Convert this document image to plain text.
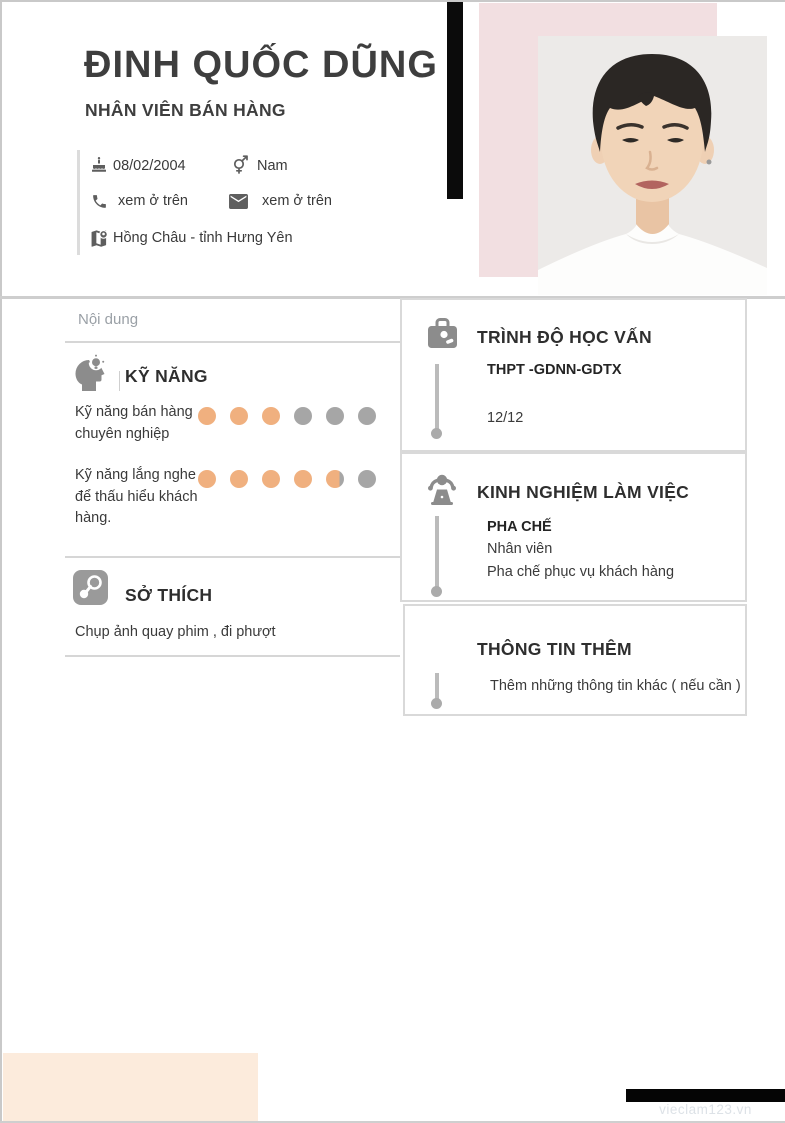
ĐINH QUỐC DŨNG
NHÂN VIÊN BÁN HÀNG
08/02/2004	Nam
xem ở trên	xem ở trên
Hồng Châu - tỉnh Hưng Yên
Nội dung
KỸ NĂNG
Kỹ năng bán hàng chuyên nghiệp
Kỹ năng lắng nghe để thấu hiểu khách hàng.
SỞ THÍCH
Chụp ảnh quay phim , đi phượt
TRÌNH ĐỘ HỌC VẤN
THPT -GDNN-GDTX
12/12
KINH NGHIỆM LÀM VIỆC
PHA CHẾ
Nhân viên
Pha chế phục vụ khách hàng
THÔNG TIN THÊM
Thêm những thông tin khác ( nếu cần )
vieclam123.vn
